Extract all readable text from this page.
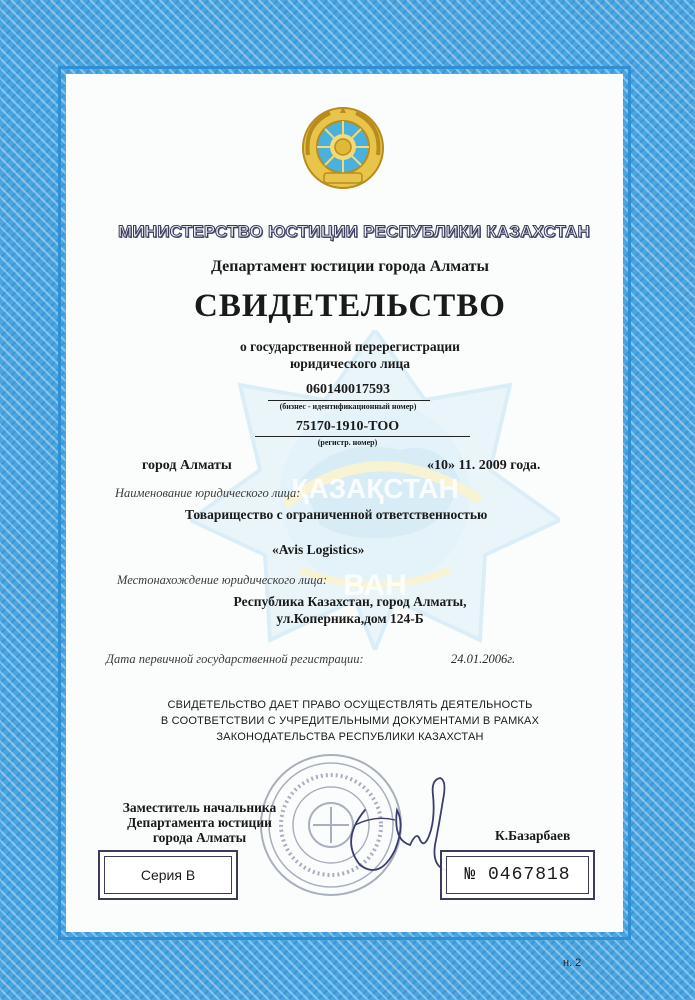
ҚАЗАҚСТАН
ВАН
МИНИСТЕРСТВО ЮСТИЦИИ РЕСПУБЛИКИ КАЗАХСТАН
Департамент юстиции города Алматы
СВИДЕТЕЛЬСТВО
о государственной перерегистрации
юридического лица
060140017593
(бизнес - идентификационный номер)
75170-1910-ТОО
(регистр. номер)
город Алматы	«10» 11. 2009 года.
Наименование юридического лица:
Товарищество с ограниченной ответственностью
«Avis Logistics»
Местонахождение юридического лица:
Республика Казахстан, город Алматы,
ул.Коперника,дом 124-Б
Дата первичной государственной регистрации:	24.01.2006г.
СВИДЕТЕЛЬСТВО ДАЕТ ПРАВО ОСУЩЕСТВЛЯТЬ ДЕЯТЕЛЬНОСТЬ
В СООТВЕТСТВИИ С УЧРЕДИТЕЛЬНЫМИ ДОКУМЕНТАМИ В РАМКАХ
ЗАКОНОДАТЕЛЬСТВА РЕСПУБЛИКИ КАЗАХСТАН
Заместитель начальника
Департамента юстиции
города Алматы	К.Базарбаев
Серия В	№ 0467818
н. 2
